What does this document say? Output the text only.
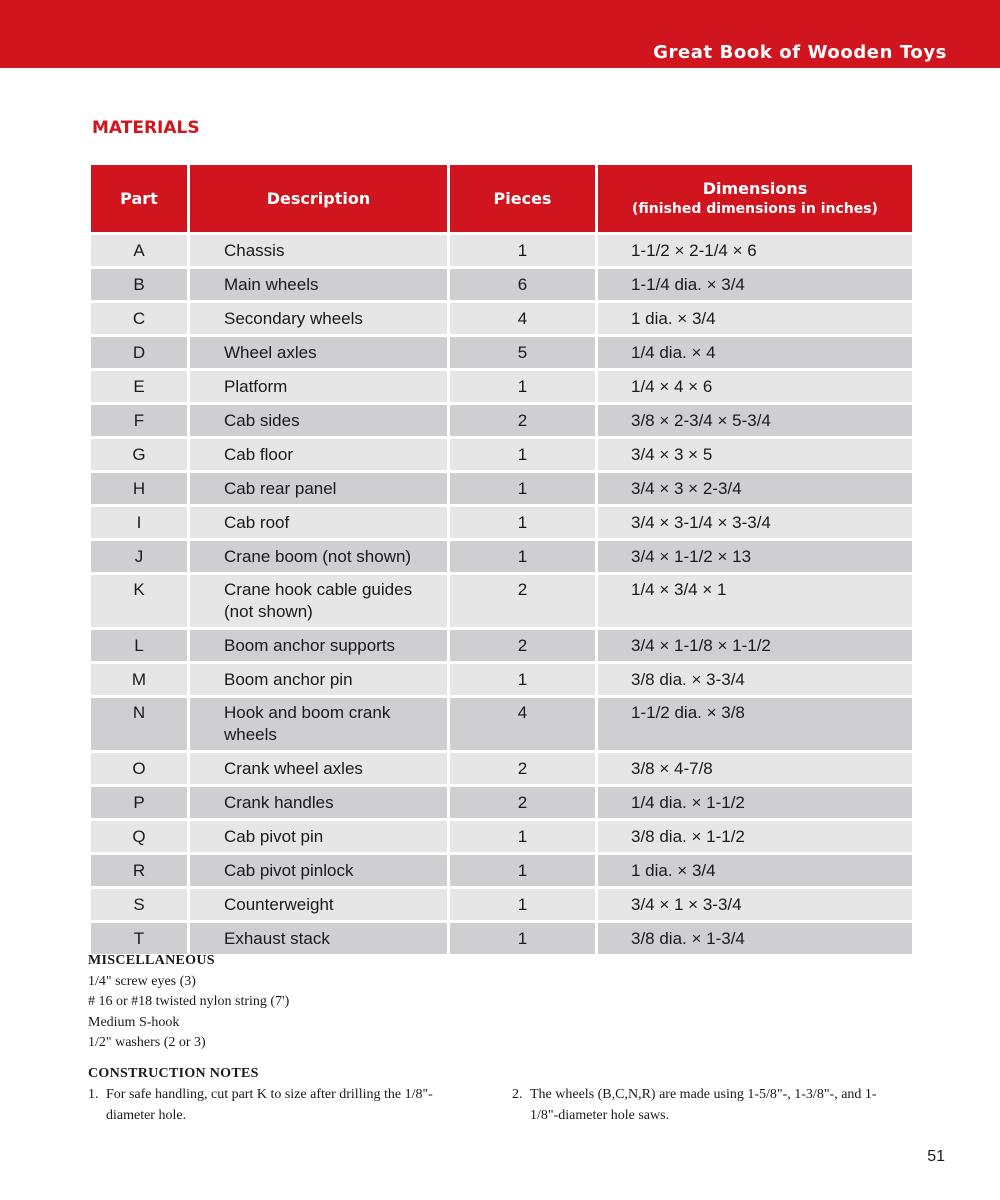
Great Book of Wooden Toys
MATERIALS
Part	Description	Pieces	Dimensions
(finished dimensions in inches)

A	Chassis	1	1-1/2 × 2-1/4 × 6
B	Main wheels	6	1-1/4 dia. × 3/4
C	Secondary wheels	4	1 dia. × 3/4
D	Wheel axles	5	1/4 dia. × 4
E	Platform	1	1/4 × 4 × 6
F	Cab sides	2	3/8 × 2-3/4 × 5-3/4
G	Cab floor	1	3/4 × 3 × 5
H	Cab rear panel	1	3/4 × 3 × 2-3/4
I	Cab roof	1	3/4 × 3-1/4 × 3-3/4
J	Crane boom (not shown)	1	3/4 × 1-1/2 × 13
K	Crane hook cable guides
(not shown)	2	1/4 × 3/4 × 1
L	Boom anchor supports	2	3/4 × 1-1/8 × 1-1/2
M	Boom anchor pin	1	3/8 dia. × 3-3/4
N	Hook and boom crank
wheels	4	1-1/2 dia. × 3/8
O	Crank wheel axles	2	3/8 × 4-7/8
P	Crank handles	2	1/4 dia. × 1-1/2
Q	Cab pivot pin	1	3/8 dia. × 1-1/2
R	Cab pivot pinlock	1	1 dia. × 3/4
S	Counterweight	1	3/4 × 1 × 3-3/4
T	Exhaust stack	1	3/8 dia. × 1-3/4
MISCELLANEOUS
1/4" screw eyes (3)
# 16 or #18 twisted nylon string (7')
Medium S-hook
1/2" washers (2 or 3)
CONSTRUCTION NOTES
1. For safe handling, cut part K to size after drilling the 1/8"-diameter hole.
2. The wheels (B,C,N,R) are made using 1-5/8"-, 1-3/8"-, and 1-1/8"-diameter hole saws.
51
